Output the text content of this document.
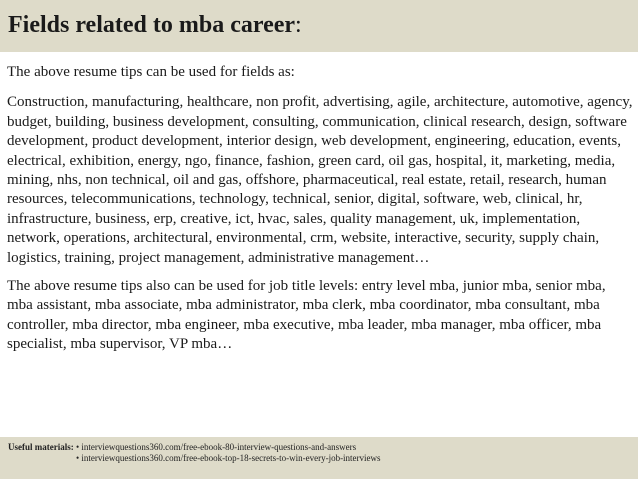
Fields related to mba career:

The above resume tips can be used for fields as:

Construction, manufacturing, healthcare, non profit, advertising, agile, architecture, automotive, agency, budget, building, business development, consulting, communication, clinical research, design, software development, product development, interior design, web development, engineering, education, events, electrical, exhibition, energy, ngo, finance, fashion, green card, oil gas, hospital, it, marketing, media, mining, nhs, non technical, oil and gas, offshore, pharmaceutical, real estate, retail, research, human resources, telecommunications, technology, technical, senior, digital, software, web, clinical, hr, infrastructure, business, erp, creative, ict, hvac, sales, quality management, uk, implementation, network, operations, architectural, environmental, crm, website, interactive, security, supply chain, logistics, training, project management, administrative management…

The above resume tips also can be used for job title levels: entry level mba, junior mba, senior mba, mba assistant, mba associate, mba administrator, mba clerk, mba coordinator, mba consultant, mba controller, mba director, mba engineer, mba executive, mba leader, mba manager, mba officer, mba specialist, mba supervisor, VP mba…

Useful materials: • interviewquestions360.com/free-ebook-80-interview-questions-and-answers
• interviewquestions360.com/free-ebook-top-18-secrets-to-win-every-job-interviews
